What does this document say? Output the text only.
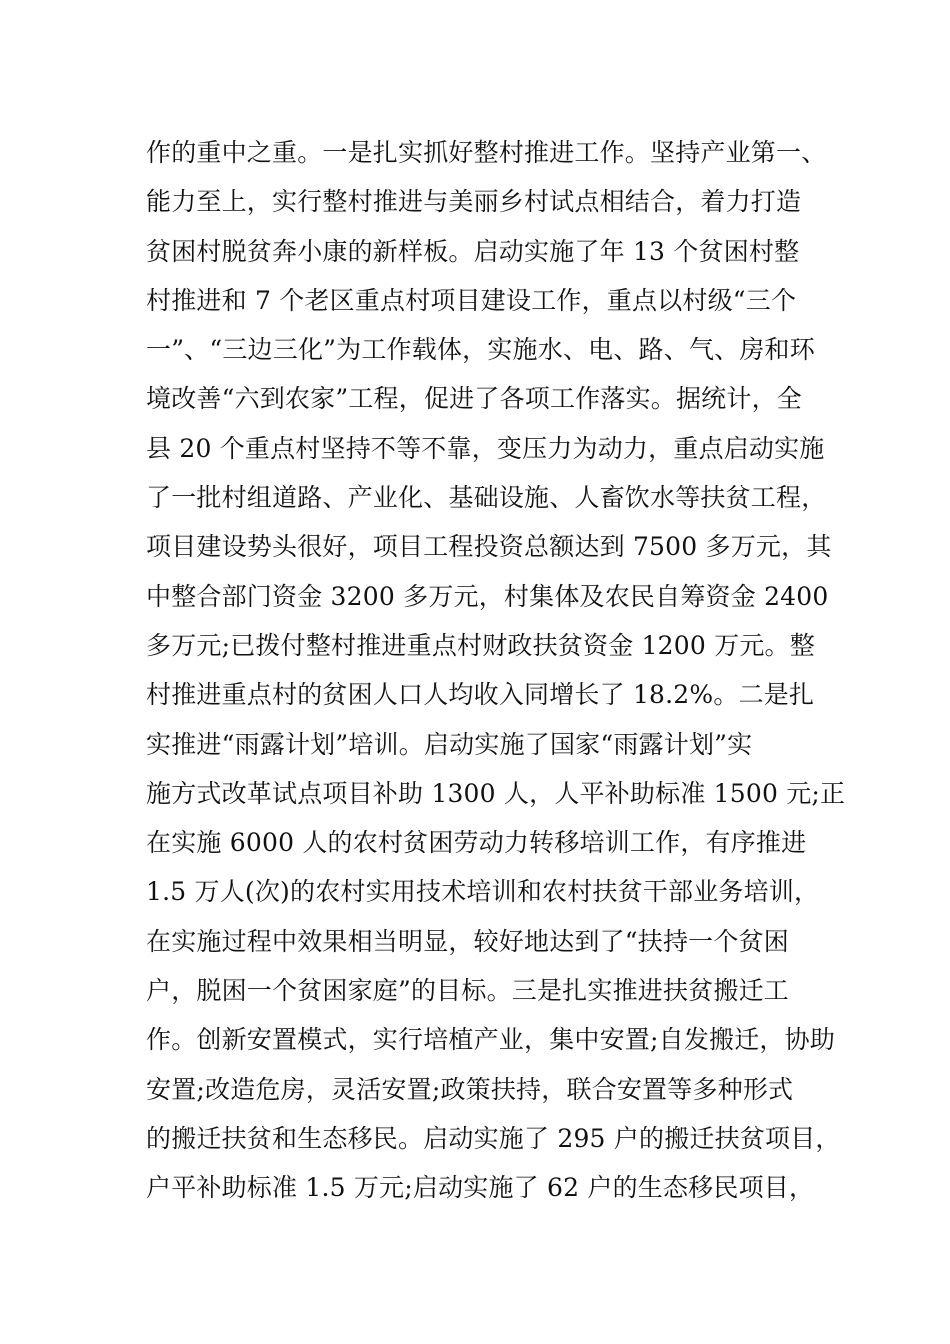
作的重中之重。一是扎实抓好整村推进工作。坚持产业第一、
能力至上，实行整村推进与美丽乡村试点相结合，着力打造
贫困村脱贫奔小康的新样板。启动实施了年 13 个贫困村整
村推进和 7 个老区重点村项目建设工作，重点以村级“三个
一”、“三边三化”为工作载体，实施水、电、路、气、房和环
境改善“六到农家”工程，促进了各项工作落实。据统计，全
县 20 个重点村坚持不等不靠，变压力为动力，重点启动实施
了一批村组道路、产业化、基础设施、人畜饮水等扶贫工程，
项目建设势头很好，项目工程投资总额达到 7500 多万元，其
中整合部门资金 3200 多万元，村集体及农民自筹资金 2400
多万元;已拨付整村推进重点村财政扶贫资金 1200 万元。整
村推进重点村的贫困人口人均收入同增长了 18.2%。二是扎
实推进“雨露计划”培训。启动实施了国家“雨露计划”实
施方式改革试点项目补助 1300 人，人平补助标准 1500 元;正
在实施 6000 人的农村贫困劳动力转移培训工作，有序推进
1.5 万人(次)的农村实用技术培训和农村扶贫干部业务培训，
在实施过程中效果相当明显，较好地达到了“扶持一个贫困
户，脱困一个贫困家庭”的目标。三是扎实推进扶贫搬迁工
作。创新安置模式，实行培植产业，集中安置;自发搬迁，协助
安置;改造危房，灵活安置;政策扶持，联合安置等多种形式
的搬迁扶贫和生态移民。启动实施了 295 户的搬迁扶贫项目，
户平补助标准 1.5 万元;启动实施了 62 户的生态移民项目，
